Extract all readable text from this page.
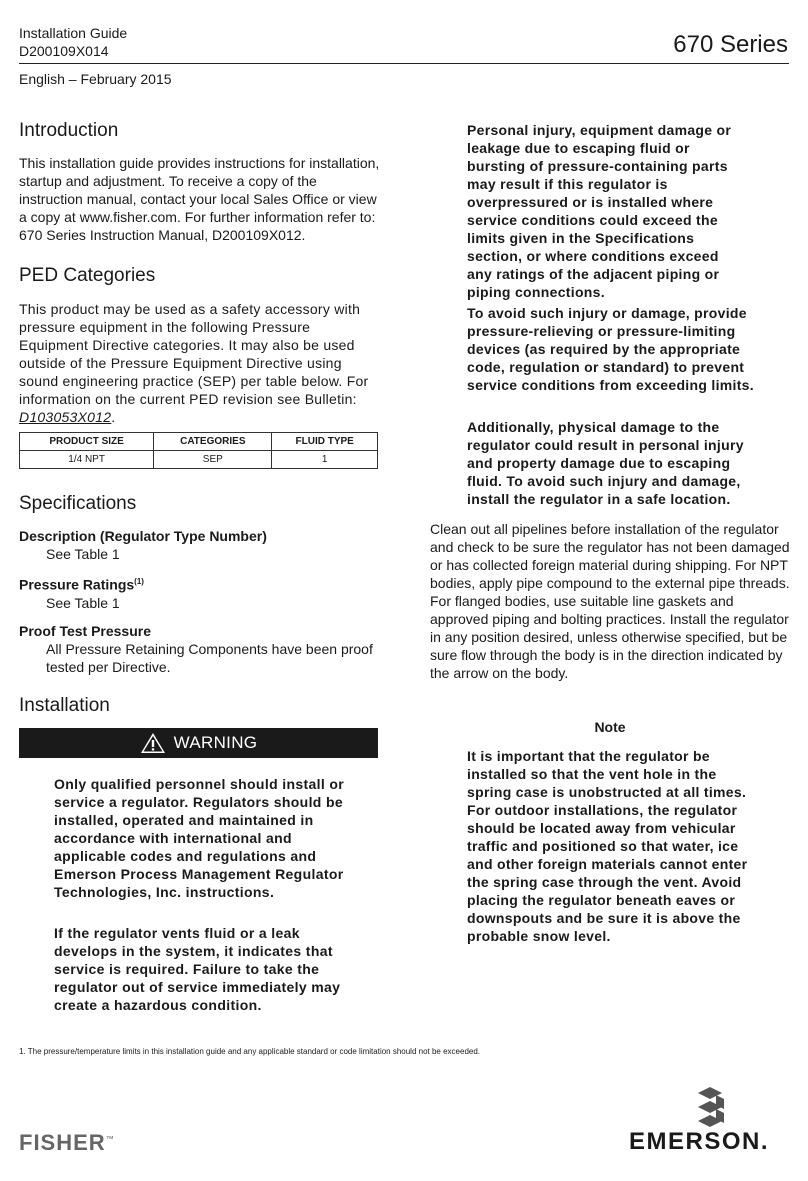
Installation Guide
D200109X014	670 Series
English – February 2015
Introduction

This installation guide provides instructions for installation, startup and adjustment. To receive a copy of the instruction manual, contact your local Sales Office or view a copy at www.fisher.com. For further information refer to: 670 Series Instruction Manual, D200109X012.

PED Categories

This product may be used as a safety accessory with pressure equipment in the following Pressure Equipment Directive categories. It may also be used outside of the Pressure Equipment Directive using sound engineering practice (SEP) per table below. For information on the current PED revision see Bulletin: D103053X012.

PRODUCT SIZE	CATEGORIES	FLUID TYPE
1/4 NPT	SEP	1
Specifications
Description (Regulator Type Number)
See Table 1
Pressure Ratings$^{(1)}$
See Table 1
Proof Test Pressure
All Pressure Retaining Components have been proof tested per Directive.
Installation
WARNING

Only qualified personnel should install or service a regulator. Regulators should be installed, operated and maintained in accordance with international and applicable codes and regulations and Emerson Process Management Regulator Technologies, Inc. instructions.

If the regulator vents fluid or a leak develops in the system, it indicates that service is required. Failure to take the regulator out of service immediately may create a hazardous condition.

Personal injury, equipment damage or leakage due to escaping fluid or bursting of pressure-containing parts may result if this regulator is overpressured or is installed where service conditions could exceed the limits given in the Specifications section, or where conditions exceed any ratings of the adjacent piping or piping connections.

To avoid such injury or damage, provide pressure-relieving or pressure-limiting devices (as required by the appropriate code, regulation or standard) to prevent service conditions from exceeding limits.

Additionally, physical damage to the regulator could result in personal injury and property damage due to escaping fluid. To avoid such injury and damage, install the regulator in a safe location.

Clean out all pipelines before installation of the regulator and check to be sure the regulator has not been damaged or has collected foreign material during shipping. For NPT bodies, apply pipe compound to the external pipe threads. For flanged bodies, use suitable line gaskets and approved piping and bolting practices. Install the regulator in any position desired, unless otherwise specified, but be sure flow through the body is in the direction indicated by the arrow on the body.

Note

It is important that the regulator be installed so that the vent hole in the spring case is unobstructed at all times. For outdoor installations, the regulator should be located away from vehicular traffic and positioned so that water, ice and other foreign materials cannot enter the spring case through the vent. Avoid placing the regulator beneath eaves or downspouts and be sure it is above the probable snow level.

1. The pressure/temperature limits in this installation guide and any applicable standard or code limitation should not be exceeded.
FISHER™	EMERSON.
